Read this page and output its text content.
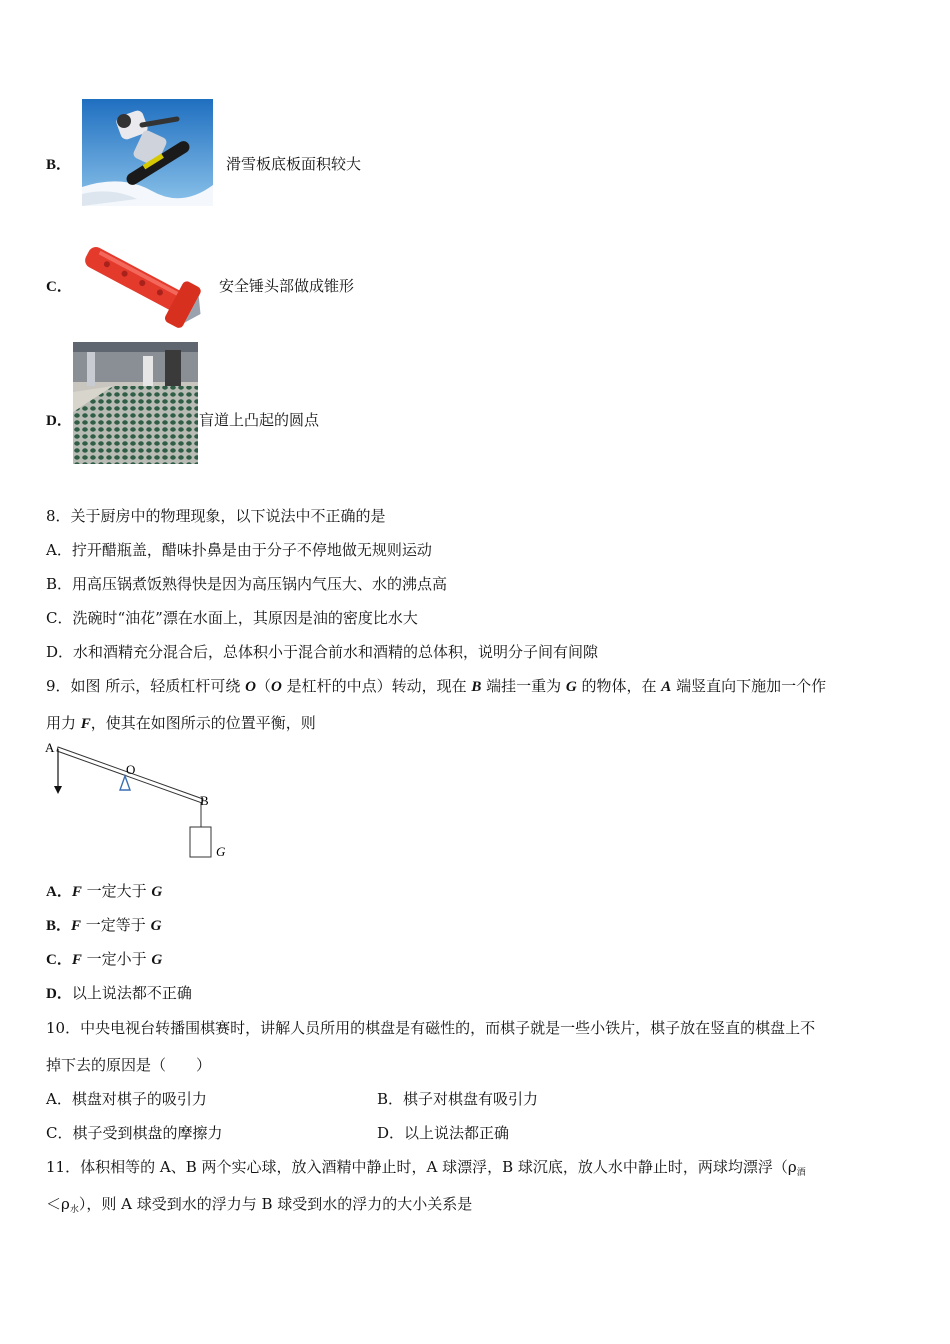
B．	滑雪板底板面积较大
C．	安全锤头部做成锥形
D．	盲道上凸起的圆点
8．关于厨房中的物理现象，以下说法中不正确的是
A．拧开醋瓶盖，醋味扑鼻是由于分子不停地做无规则运动
B．用高压锅煮饭熟得快是因为高压锅内气压大、水的沸点高
C．洗碗时“油花”漂在水面上，其原因是油的密度比水大
D．水和酒精充分混合后，总体积小于混合前水和酒精的总体积，说明分子间有间隙
9．如图 所示，轻质杠杆可绕 O（O 是杠杆的中点）转动，现在 B 端挂一重为 G 的物体，在 A 端竖直向下施加一个作
用力 F，使其在如图所示的位置平衡，则
A
O
B
G
A．F 一定大于 G
B．F 一定等于 G
C．F 一定小于 G
D．以上说法都不正确
10．中央电视台转播围棋赛时，讲解人员所用的棋盘是有磁性的，而棋子就是一些小铁片，棋子放在竖直的棋盘上不
掉下去的原因是（　　）
A．棋盘对棋子的吸引力	B．棋子对棋盘有吸引力
C．棋子受到棋盘的摩擦力	D．以上说法都正确
11．体积相等的 A、B 两个实心球，放入酒精中静止时，A 球漂浮，B 球沉底，放人水中静止时，两球均漂浮（$\rho_酒$
$<\rho_水$），则 A 球受到水的浮力与 B 球受到水的浮力的大小关系是
